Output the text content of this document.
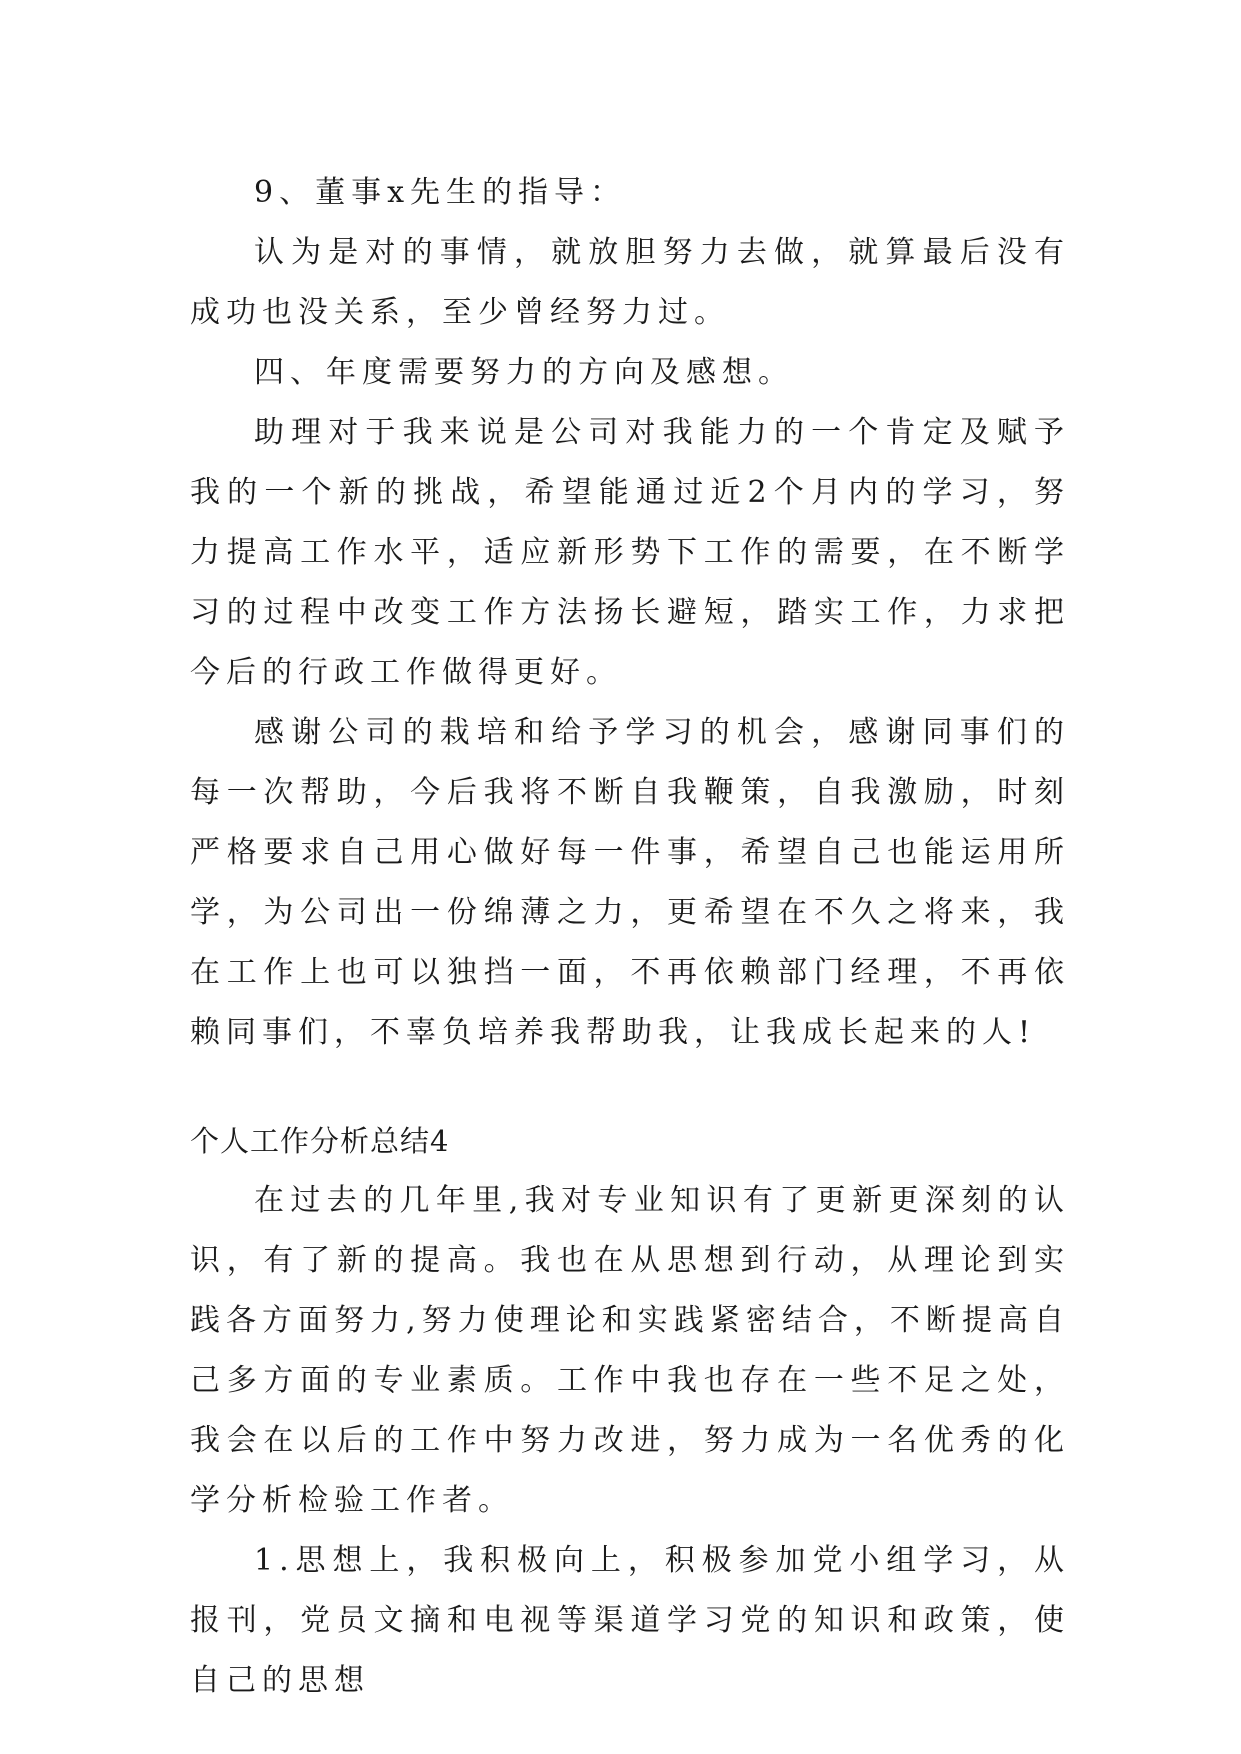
9、董事x先生的指导：

认为是对的事情，就放胆努力去做，就算最后没有成功也没关系，至少曾经努力过。

四、年度需要努力的方向及感想。

助理对于我来说是公司对我能力的一个肯定及赋予我的一个新的挑战，希望能通过近2个月内的学习，努力提高工作水平，适应新形势下工作的需要，在不断学习的过程中改变工作方法扬长避短，踏实工作，力求把今后的行政工作做得更好。

感谢公司的栽培和给予学习的机会，感谢同事们的每一次帮助，今后我将不断自我鞭策，自我激励，时刻严格要求自己用心做好每一件事，希望自己也能运用所学，为公司出一份绵薄之力，更希望在不久之将来，我在工作上也可以独挡一面，不再依赖部门经理，不再依赖同事们，不辜负培养我帮助我，让我成长起来的人!

个人工作分析总结4

在过去的几年里,我对专业知识有了更新更深刻的认识，有了新的提高。我也在从思想到行动，从理论到实践各方面努力,努力使理论和实践紧密结合，不断提高自己多方面的专业素质。工作中我也存在一些不足之处，我会在以后的工作中努力改进，努力成为一名优秀的化学分析检验工作者。

1.思想上，我积极向上，积极参加党小组学习，从报刊，党员文摘和电视等渠道学习党的知识和政策，使自己的思想
